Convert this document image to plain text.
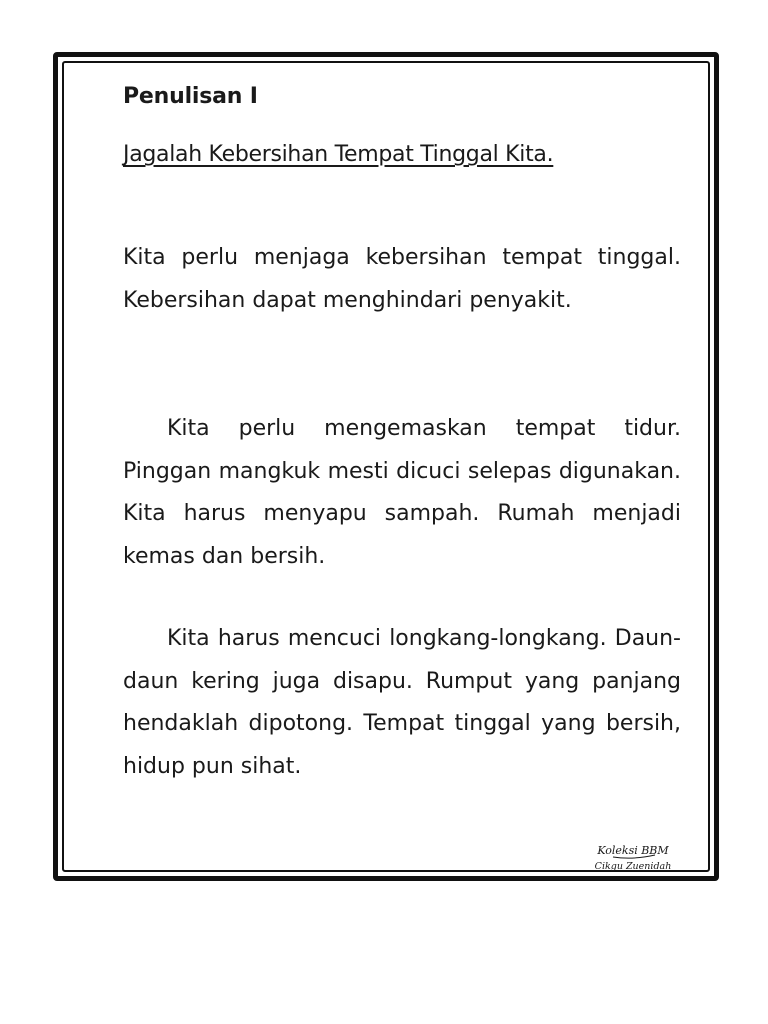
Penulisan I
Jagalah Kebersihan Tempat Tinggal Kita.

Kita perlu menjaga kebersihan tempat tinggal. Kebersihan dapat menghindari penyakit.

Kita perlu mengemaskan tempat tidur. Pinggan mangkuk mesti dicuci selepas digunakan. Kita harus menyapu sampah. Rumah menjadi kemas dan bersih.

Kita harus mencuci longkang-longkang. Daun-daun kering juga disapu. Rumput yang panjang hendaklah dipotong. Tempat tinggal yang bersih, hidup pun sihat.

Koleksi BBM
Cikgu Zuenidah
